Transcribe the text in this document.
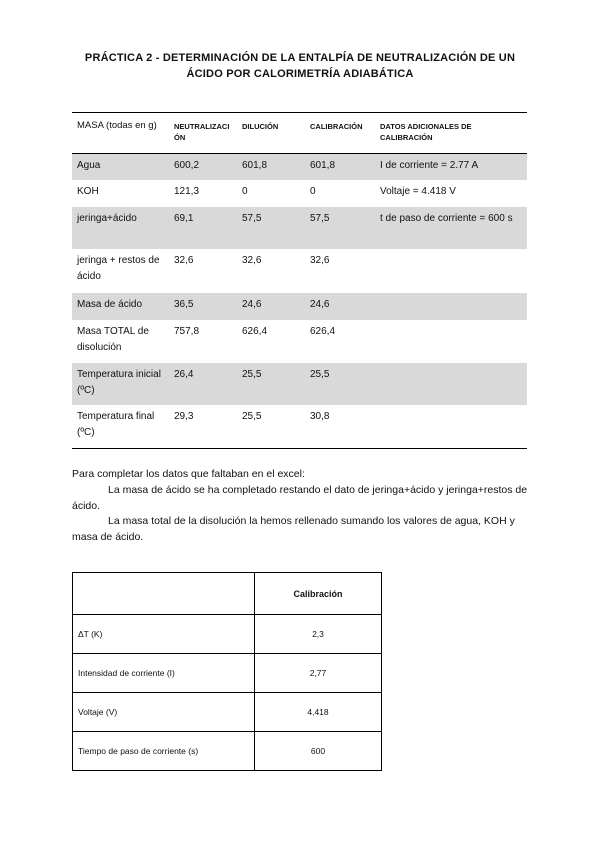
PRÁCTICA 2 - DETERMINACIÓN DE LA ENTALPÍA DE NEUTRALIZACIÓN DE UN ÁCIDO POR CALORIMETRÍA ADIABÁTICA
MASA (todas en g)	NEUTRALIZACIÓN	DILUCIÓN	CALIBRACIÓN	DATOS ADICIONALES DE CALIBRACIÓN
Agua	600,2	601,8	601,8	I de corriente = 2.77 A
KOH	121,3	0	0	Voltaje = 4.418 V
jeringa+ácido	69,1	57,5	57,5	t de paso de corriente = 600 s
jeringa + restos de ácido	32,6	32,6	32,6	
Masa de ácido	36,5	24,6	24,6	
Masa TOTAL de disolución	757,8	626,4	626,4	
Temperatura inicial (ºC)	26,4	25,5	25,5	
Temperatura final (ºC)	29,3	25,5	30,8	
Para completar los datos que faltaban en el excel:
La masa de ácido se ha completado restando el dato de jeringa+ácido y jeringa+restos de ácido.
La masa total de la disolución la hemos rellenado sumando los valores de agua, KOH y masa de ácido.
	Calibración
ΔT (K)	2,3
Intensidad de corriente (I)	2,77
Voltaje (V)	4,418
Tiempo de paso de corriente (s)	600
